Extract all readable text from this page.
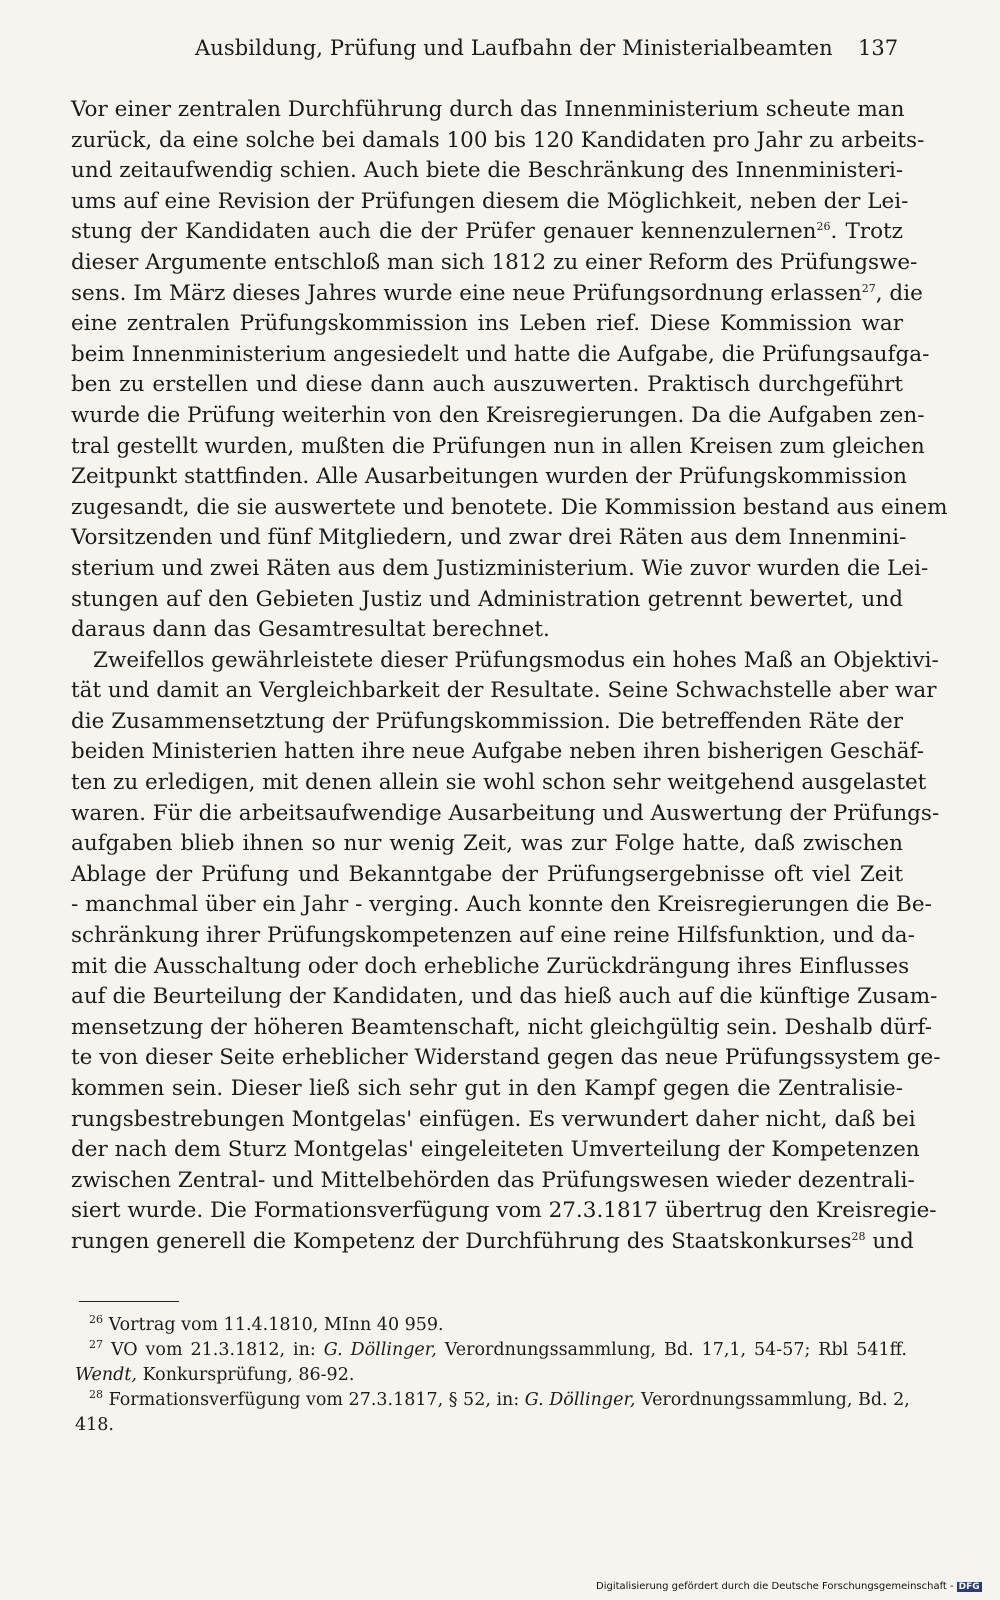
Ausbildung, Prüfung und Laufbahn der Ministerialbeamten 137
Vor einer zentralen Durchführung durch das Innenministerium scheute man
zurück, da eine solche bei damals 100 bis 120 Kandidaten pro Jahr zu arbeits-
und zeitaufwendig schien. Auch biete die Beschränkung des Innenministeri-
ums auf eine Revision der Prüfungen diesem die Möglichkeit, neben der Lei-
stung der Kandidaten auch die der Prüfer genauer kennenzulernen$^{26}$. Trotz
dieser Argumente entschloß man sich 1812 zu einer Reform des Prüfungswe-
sens. Im März dieses Jahres wurde eine neue Prüfungsordnung erlassen$^{27}$, die
eine zentralen Prüfungskommission ins Leben rief. Diese Kommission war
beim Innenministerium angesiedelt und hatte die Aufgabe, die Prüfungsaufga-
ben zu erstellen und diese dann auch auszuwerten. Praktisch durchgeführt
wurde die Prüfung weiterhin von den Kreisregierungen. Da die Aufgaben zen-
tral gestellt wurden, mußten die Prüfungen nun in allen Kreisen zum gleichen
Zeitpunkt stattfinden. Alle Ausarbeitungen wurden der Prüfungskommission
zugesandt, die sie auswertete und benotete. Die Kommission bestand aus einem
Vorsitzenden und fünf Mitgliedern, und zwar drei Räten aus dem Innenmini-
sterium und zwei Räten aus dem Justizministerium. Wie zuvor wurden die Lei-
stungen auf den Gebieten Justiz und Administration getrennt bewertet, und
daraus dann das Gesamtresultat berechnet.
Zweifellos gewährleistete dieser Prüfungsmodus ein hohes Maß an Objektivi-
tät und damit an Vergleichbarkeit der Resultate. Seine Schwachstelle aber war
die Zusammensetztung der Prüfungskommission. Die betreffenden Räte der
beiden Ministerien hatten ihre neue Aufgabe neben ihren bisherigen Geschäf-
ten zu erledigen, mit denen allein sie wohl schon sehr weitgehend ausgelastet
waren. Für die arbeitsaufwendige Ausarbeitung und Auswertung der Prüfungs-
aufgaben blieb ihnen so nur wenig Zeit, was zur Folge hatte, daß zwischen
Ablage der Prüfung und Bekanntgabe der Prüfungsergebnisse oft viel Zeit
- manchmal über ein Jahr - verging. Auch konnte den Kreisregierungen die Be-
schränkung ihrer Prüfungskompetenzen auf eine reine Hilfsfunktion, und da-
mit die Ausschaltung oder doch erhebliche Zurückdrängung ihres Einflusses
auf die Beurteilung der Kandidaten, und das hieß auch auf die künftige Zusam-
mensetzung der höheren Beamtenschaft, nicht gleichgültig sein. Deshalb dürf-
te von dieser Seite erheblicher Widerstand gegen das neue Prüfungssystem ge-
kommen sein. Dieser ließ sich sehr gut in den Kampf gegen die Zentralisie-
rungsbestrebungen Montgelas' einfügen. Es verwundert daher nicht, daß bei
der nach dem Sturz Montgelas' eingeleiteten Umverteilung der Kompetenzen
zwischen Zentral- und Mittelbehörden das Prüfungswesen wieder dezentrali-
siert wurde. Die Formationsverfügung vom 27.3.1817 übertrug den Kreisregie-
rungen generell die Kompetenz der Durchführung des Staatskonkurses$^{28}$ und
$^{26}$ Vortrag vom 11.4.1810, MInn 40 959.
$^{27}$ VO vom 21.3.1812, in: G. Döllinger, Verordnungssammlung, Bd. 17,1, 54-57; Rbl 541ff.
Wendt, Konkursprüfung, 86-92.
$^{28}$ Formationsverfügung vom 27.3.1817, § 52, in: G. Döllinger, Verordnungssammlung, Bd. 2,
418.
Digitalisierung gefördert durch die Deutsche Forschungsgemeinschaft - DFG
